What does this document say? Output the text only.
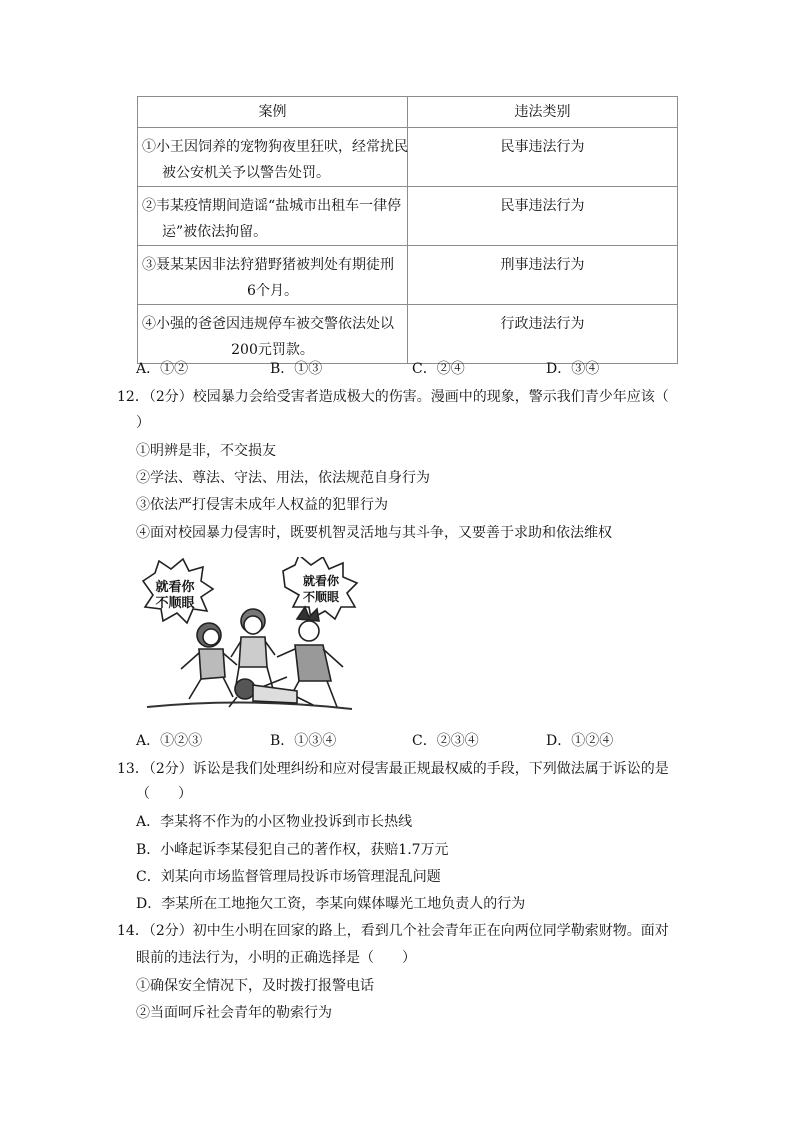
案例	违法类别

①小王因饲养的宠物狗夜里狂吠，经常扰民
被公安机关予以警告处罚。	民事违法行为

②韦某疫情期间造谣“盐城市出租车一律停
运”被依法拘留。	民事违法行为

③聂某某因非法狩猎野猪被判处有期徒刑
6个月。	刑事违法行为

④小强的爸爸因违规停车被交警依法处以
200元罚款。	行政违法行为
A．①②	B．①③	C．②④	D．③④
12．（2分）校园暴力会给受害者造成极大的伤害。漫画中的现象，警示我们青少年应该（
）
①明辨是非，不交损友
②学法、尊法、守法、用法，依法规范自身行为
③依法严打侵害未成年人权益的犯罪行为
④面对校园暴力侵害时，既要机智灵活地与其斗争，又要善于求助和依法维权
就看你
不顺眼
就看你
不顺眼
A．①②③	B．①③④	C．②③④	D．①②④
13．（2分）诉讼是我们处理纠纷和应对侵害最正规最权威的手段，下列做法属于诉讼的是
（　　）
A．李某将不作为的小区物业投诉到市长热线
B．小峰起诉李某侵犯自己的著作权，获赔1.7万元
C．刘某向市场监督管理局投诉市场管理混乱问题
D．李某所在工地拖欠工资，李某向媒体曝光工地负责人的行为
14．（2分）初中生小明在回家的路上，看到几个社会青年正在向两位同学勒索财物。面对
眼前的违法行为，小明的正确选择是（　　）
①确保安全情况下，及时拨打报警电话
②当面呵斥社会青年的勒索行为
